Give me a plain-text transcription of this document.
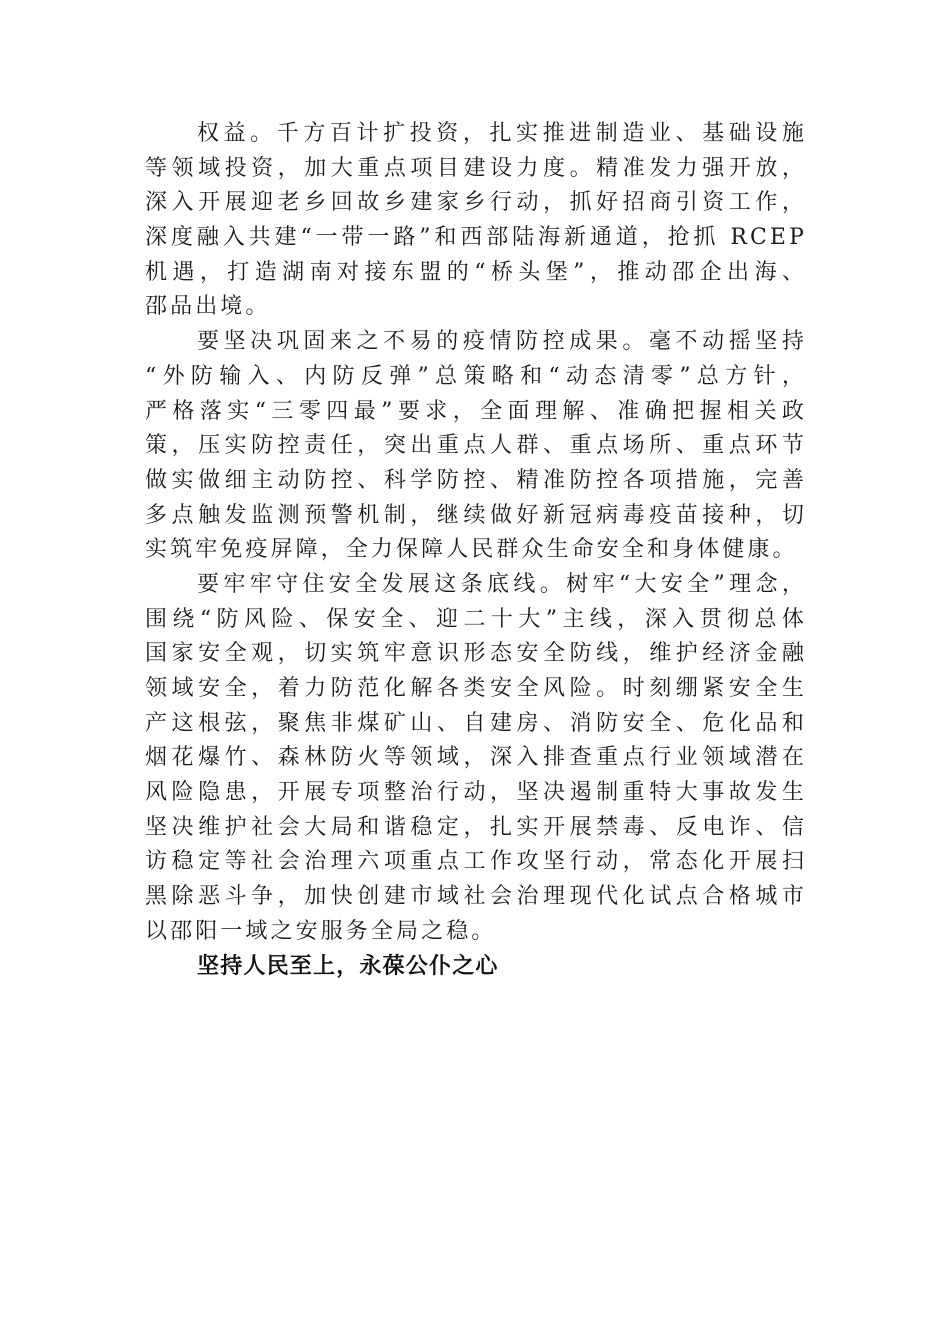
权益。千方百计扩投资，扎实推进制造业、基础设施
等领域投资，加大重点项目建设力度。精准发力强开放，
深入开展迎老乡回故乡建家乡行动，抓好招商引资工作，
深度融入共建“一带一路”和西部陆海新通道，抢抓 RCEP
机遇，打造湖南对接东盟的“桥头堡”，推动邵企出海、
邵品出境。
要坚决巩固来之不易的疫情防控成果。毫不动摇坚持
“外防输入、内防反弹”总策略和“动态清零”总方针，
严格落实“三零四最”要求，全面理解、准确把握相关政
策，压实防控责任，突出重点人群、重点场所、重点环节
做实做细主动防控、科学防控、精准防控各项措施，完善
多点触发监测预警机制，继续做好新冠病毒疫苗接种，切
实筑牢免疫屏障，全力保障人民群众生命安全和身体健康。
要牢牢守住安全发展这条底线。树牢“大安全”理念，
围绕“防风险、保安全、迎二十大”主线，深入贯彻总体
国家安全观，切实筑牢意识形态安全防线，维护经济金融
领域安全，着力防范化解各类安全风险。时刻绷紧安全生
产这根弦，聚焦非煤矿山、自建房、消防安全、危化品和
烟花爆竹、森林防火等领域，深入排查重点行业领域潜在
风险隐患，开展专项整治行动，坚决遏制重特大事故发生
坚决维护社会大局和谐稳定，扎实开展禁毒、反电诈、信
访稳定等社会治理六项重点工作攻坚行动，常态化开展扫
黑除恶斗争，加快创建市域社会治理现代化试点合格城市
以邵阳一域之安服务全局之稳。
坚持人民至上，永葆公仆之心
